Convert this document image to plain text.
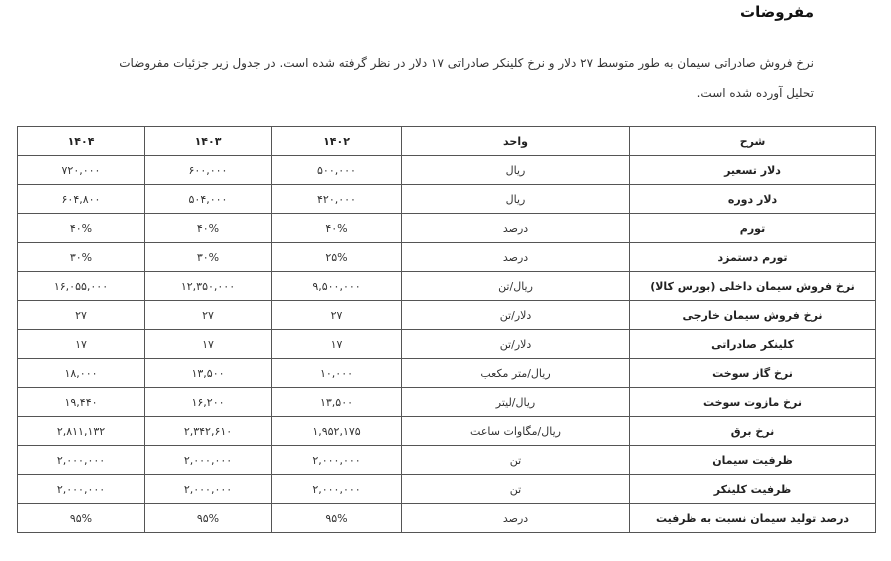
مفروضات
نرخ فروش صادراتی سیمان به طور متوسط ۲۷ دلار و نرخ کلینکر صادراتی ۱۷ دلار در نظر گرفته شده است. در جدول زیر جزئیات مفروضات
تحلیل آورده شده است.
شرح	واحد	۱۴۰۲	۱۴۰۳	۱۴۰۴
دلار تسعیر	ریال	۵۰۰,۰۰۰	۶۰۰,۰۰۰	۷۲۰,۰۰۰
دلار دوره	ریال	۴۲۰,۰۰۰	۵۰۴,۰۰۰	۶۰۴,۸۰۰
تورم	درصد	۴۰%	۴۰%	۴۰%
تورم دستمزد	درصد	۲۵%	۳۰%	۳۰%
نرخ فروش سیمان داخلی (بورس کالا)	ریال/تن	۹,۵۰۰,۰۰۰	۱۲,۳۵۰,۰۰۰	۱۶,۰۵۵,۰۰۰
نرخ فروش سیمان خارجی	دلار/تن	۲۷	۲۷	۲۷
کلینکر صادراتی	دلار/تن	۱۷	۱۷	۱۷
نرخ گاز سوخت	ریال/متر مکعب	۱۰,۰۰۰	۱۳,۵۰۰	۱۸,۰۰۰
نرخ مازوت سوخت	ریال/لیتر	۱۳,۵۰۰	۱۶,۲۰۰	۱۹,۴۴۰
نرخ برق	ریال/مگاوات ساعت	۱,۹۵۲,۱۷۵	۲,۳۴۲,۶۱۰	۲,۸۱۱,۱۳۲
ظرفیت سیمان	تن	۲,۰۰۰,۰۰۰	۲,۰۰۰,۰۰۰	۲,۰۰۰,۰۰۰
ظرفیت کلینکر	تن	۲,۰۰۰,۰۰۰	۲,۰۰۰,۰۰۰	۲,۰۰۰,۰۰۰
درصد تولید سیمان نسبت به ظرفیت	درصد	۹۵%	۹۵%	۹۵%
